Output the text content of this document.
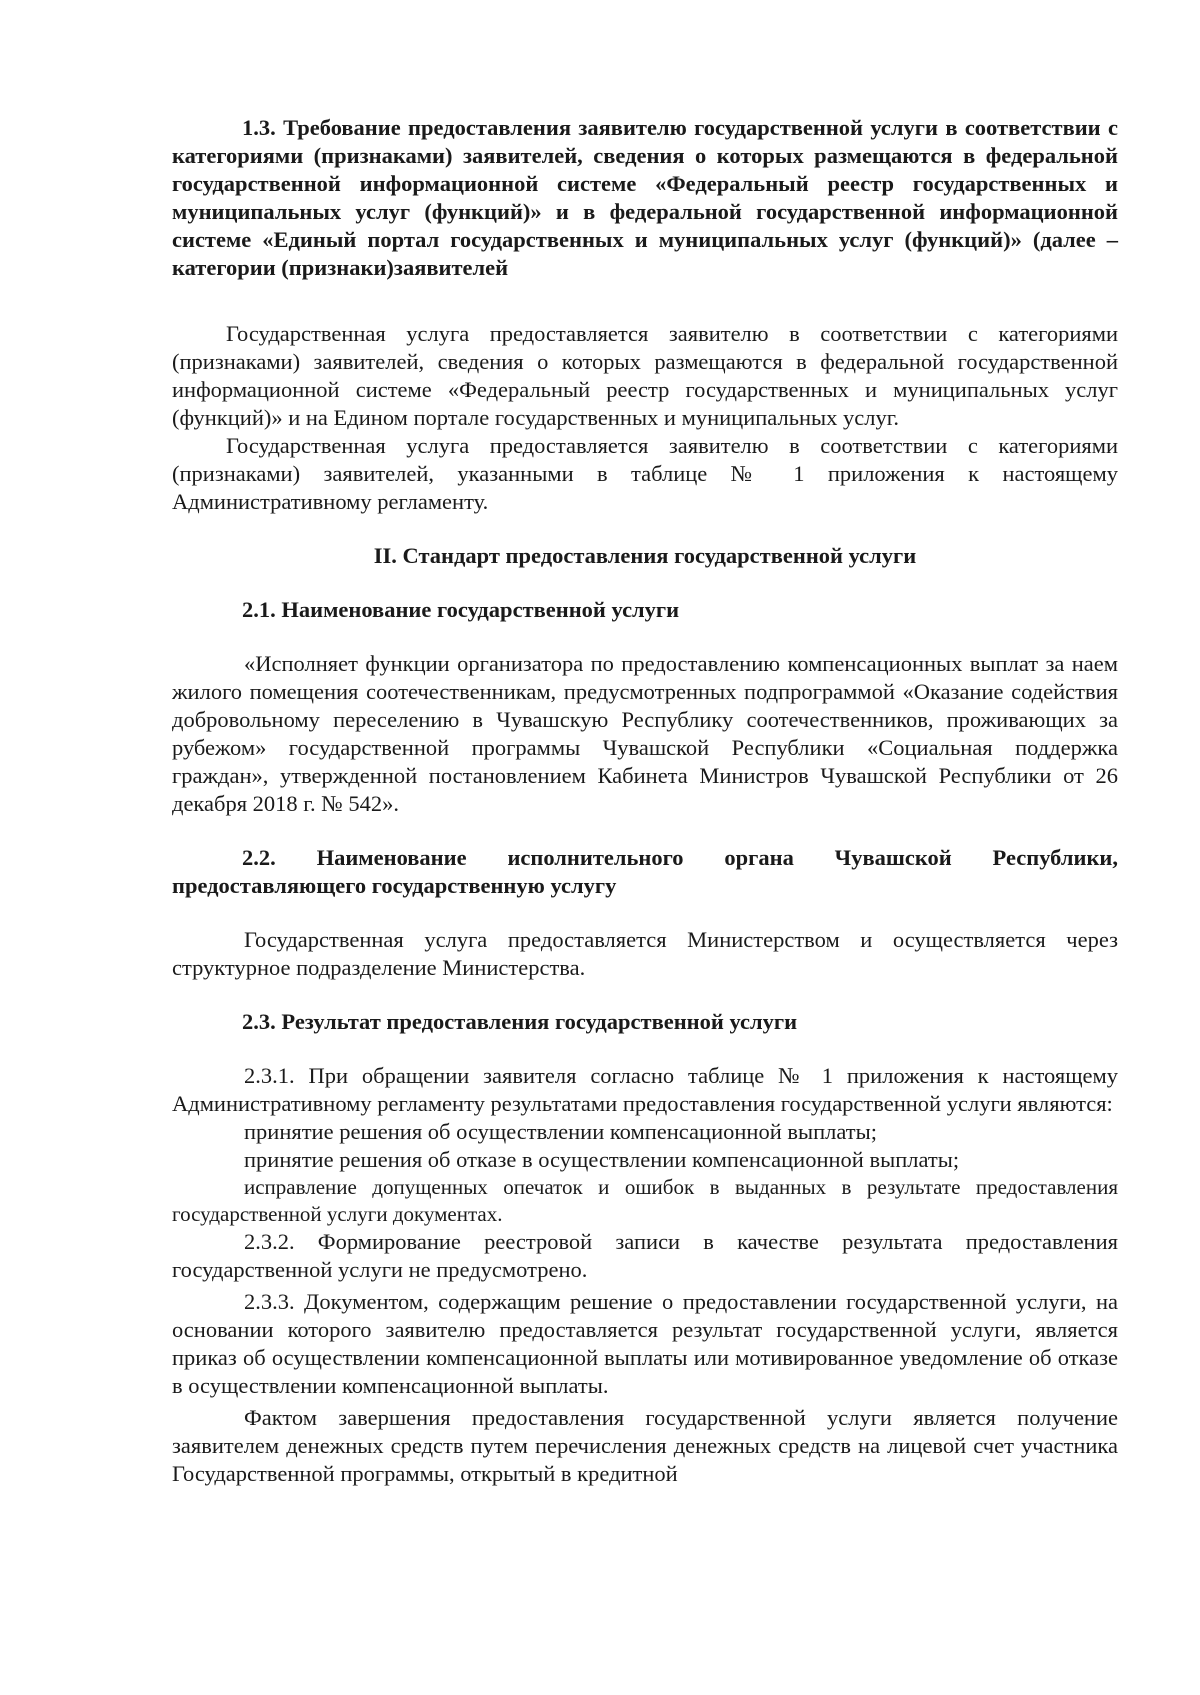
1.3. Требование предоставления заявителю государственной услуги в соответствии с категориями (признаками) заявителей, сведения о которых размещаются в федеральной государственной информационной системе «Федеральный реестр государственных и муниципальных услуг (функций)» и в федеральной государственной информационной системе «Единый портал государственных и муниципальных услуг (функций)» (далее – категории (признаки)заявителей

Государственная услуга предоставляется заявителю в соответствии с категориями (признаками) заявителей, сведения о которых размещаются в федеральной государственной информационной системе «Федеральный реестр государственных и муниципальных услуг (функций)» и на Едином портале государственных и муниципальных услуг.

Государственная услуга предоставляется заявителю в соответствии с категориями (признаками) заявителей, указанными в таблице № 1 приложения к настоящему Административному регламенту.

II. Стандарт предоставления государственной услуги

2.1. Наименование государственной услуги

«Исполняет функции организатора по предоставлению компенсационных выплат за наем жилого помещения соотечественникам, предусмотренных подпрограммой «Оказание содействия добровольному переселению в Чувашскую Республику соотечественников, проживающих за рубежом» государственной программы Чувашской Республики «Социальная поддержка граждан», утвержденной постановлением Кабинета Министров Чувашской Республики от 26 декабря 2018 г. № 542».

2.2. Наименование исполнительного органа Чувашской Республики, предоставляющего государственную услугу

Государственная услуга предоставляется Министерством и осуществляется через структурное подразделение Министерства.

2.3. Результат предоставления государственной услуги

2.3.1. При обращении заявителя согласно таблице № 1 приложения к настоящему Административному регламенту результатами предоставления государственной услуги являются:

принятие решения об осуществлении компенсационной выплаты;

принятие решения об отказе в осуществлении компенсационной выплаты;

исправление допущенных опечаток и ошибок в выданных в результате предоставления государственной услуги документах.

2.3.2. Формирование реестровой записи в качестве результата предоставления государственной услуги не предусмотрено.

2.3.3. Документом, содержащим решение о предоставлении государственной услуги, на основании которого заявителю предоставляется результат государственной услуги, является приказ об осуществлении компенсационной выплаты или мотивированное уведомление об отказе в осуществлении компенсационной выплаты.

Фактом завершения предоставления государственной услуги является получение заявителем денежных средств путем перечисления денежных средств на лицевой счет участника Государственной программы, открытый в кредитной
